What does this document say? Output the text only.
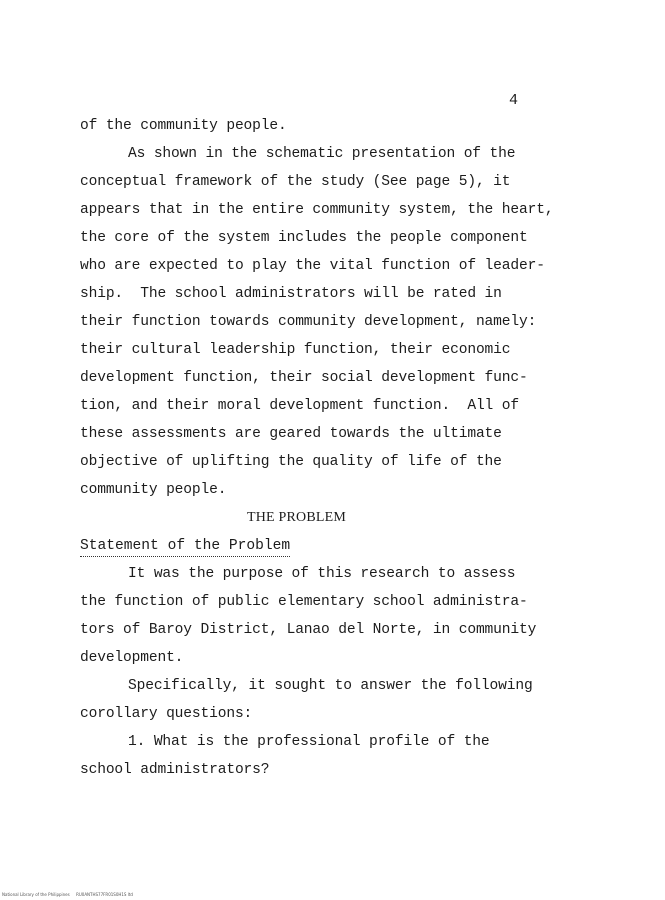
4
of the community people.
As shown in the schematic presentation of the
conceptual framework of the study (See page 5), it
appears that in the entire community system, the heart,
the core of the system includes the people component
who are expected to play the vital function of leader-
ship.  The school administrators will be rated in
their function towards community development, namely:
their cultural leadership function, their economic
development function, their social development func-
tion, and their moral development function.  All of
these assessments are geared towards the ultimate
objective of uplifting the quality of life of the
community people.
THE PROBLEM
Statement of the Problem
It was the purpose of this research to assess
the function of public elementary school administra-
tors of Baroy District, Lanao del Norte, in community
development.
Specifically, it sought to answer the following
corollary questions:
1. What is the professional profile of the
school administrators?
National Library of the Philippines     RU0ANTHS77FR01S0H1S ltd
